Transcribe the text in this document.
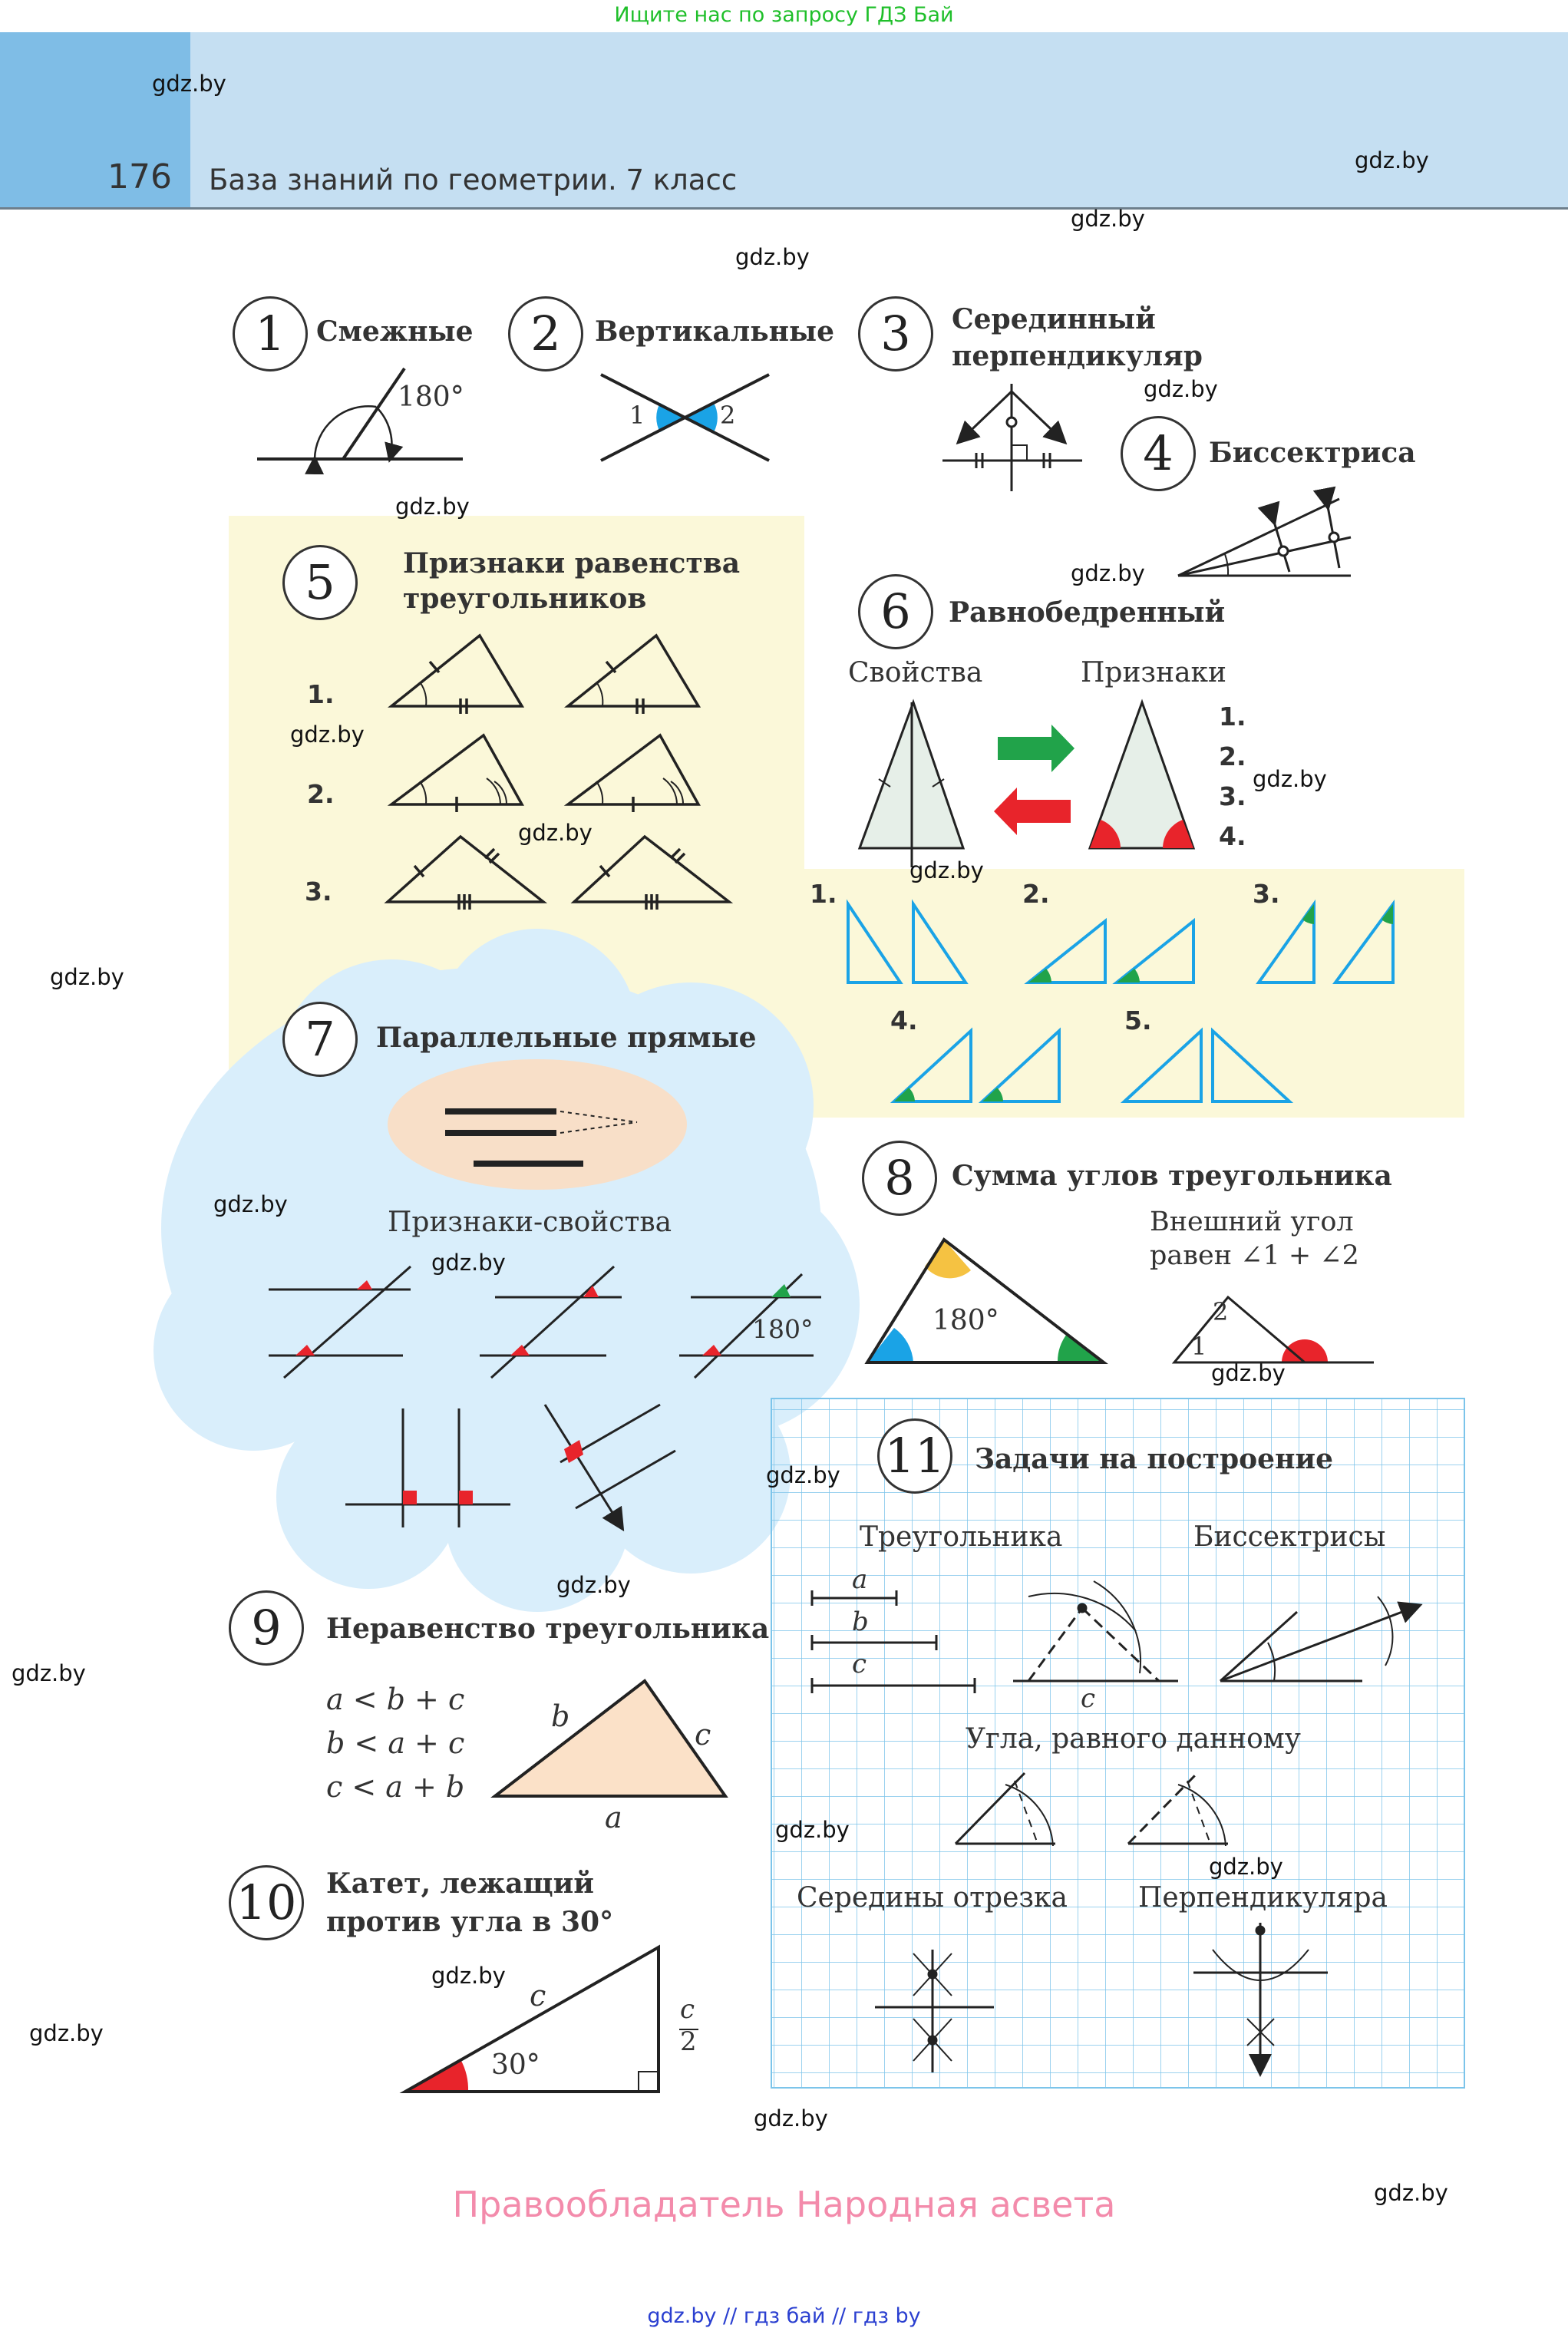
Ищите нас по запросу ГДЗ Бай
176 База знаний по геометрии. 7 класс
gdz.by
gdz.by
gdz.by
gdz.by
gdz.by
gdz.by
gdz.by
gdz.by
gdz.by
gdz.by
gdz.by
gdz.by
gdz.by
gdz.by
gdz.by
gdz.by
gdz.by
gdz.by
gdz.by
gdz.by
gdz.by
gdz.by
gdz.by
gdz.by
1	Смежные
180°
2	Вертикальные
1	2
3	Серединный
перпендикуляр
4	Биссектриса
5	Признаки равенства
треугольников
1.
2.
3.
6	Равнобедренный
Свойства	Признаки
1.
2.
3.
4.
1.	2.	3.
4.	5.
7	Параллельные прямые
Признаки-свойства
180°
8	Сумма углов треугольника
180°
Внешний угол
равен ∠1 + ∠2
2
1
9	Неравенство треугольника
a < b + c
b < a + c
c < a + b
b
c
a
10 Катет, лежащий
против угла в 30°
c	c
2
30°
11 Задачи на построение
Треугольника	Биссектрисы
Угла, равного данному
Середины отрезка	Перпендикуляра
a
b
c
c
Правообладатель Народная асвета
gdz.by // гдз бай // гдз by
